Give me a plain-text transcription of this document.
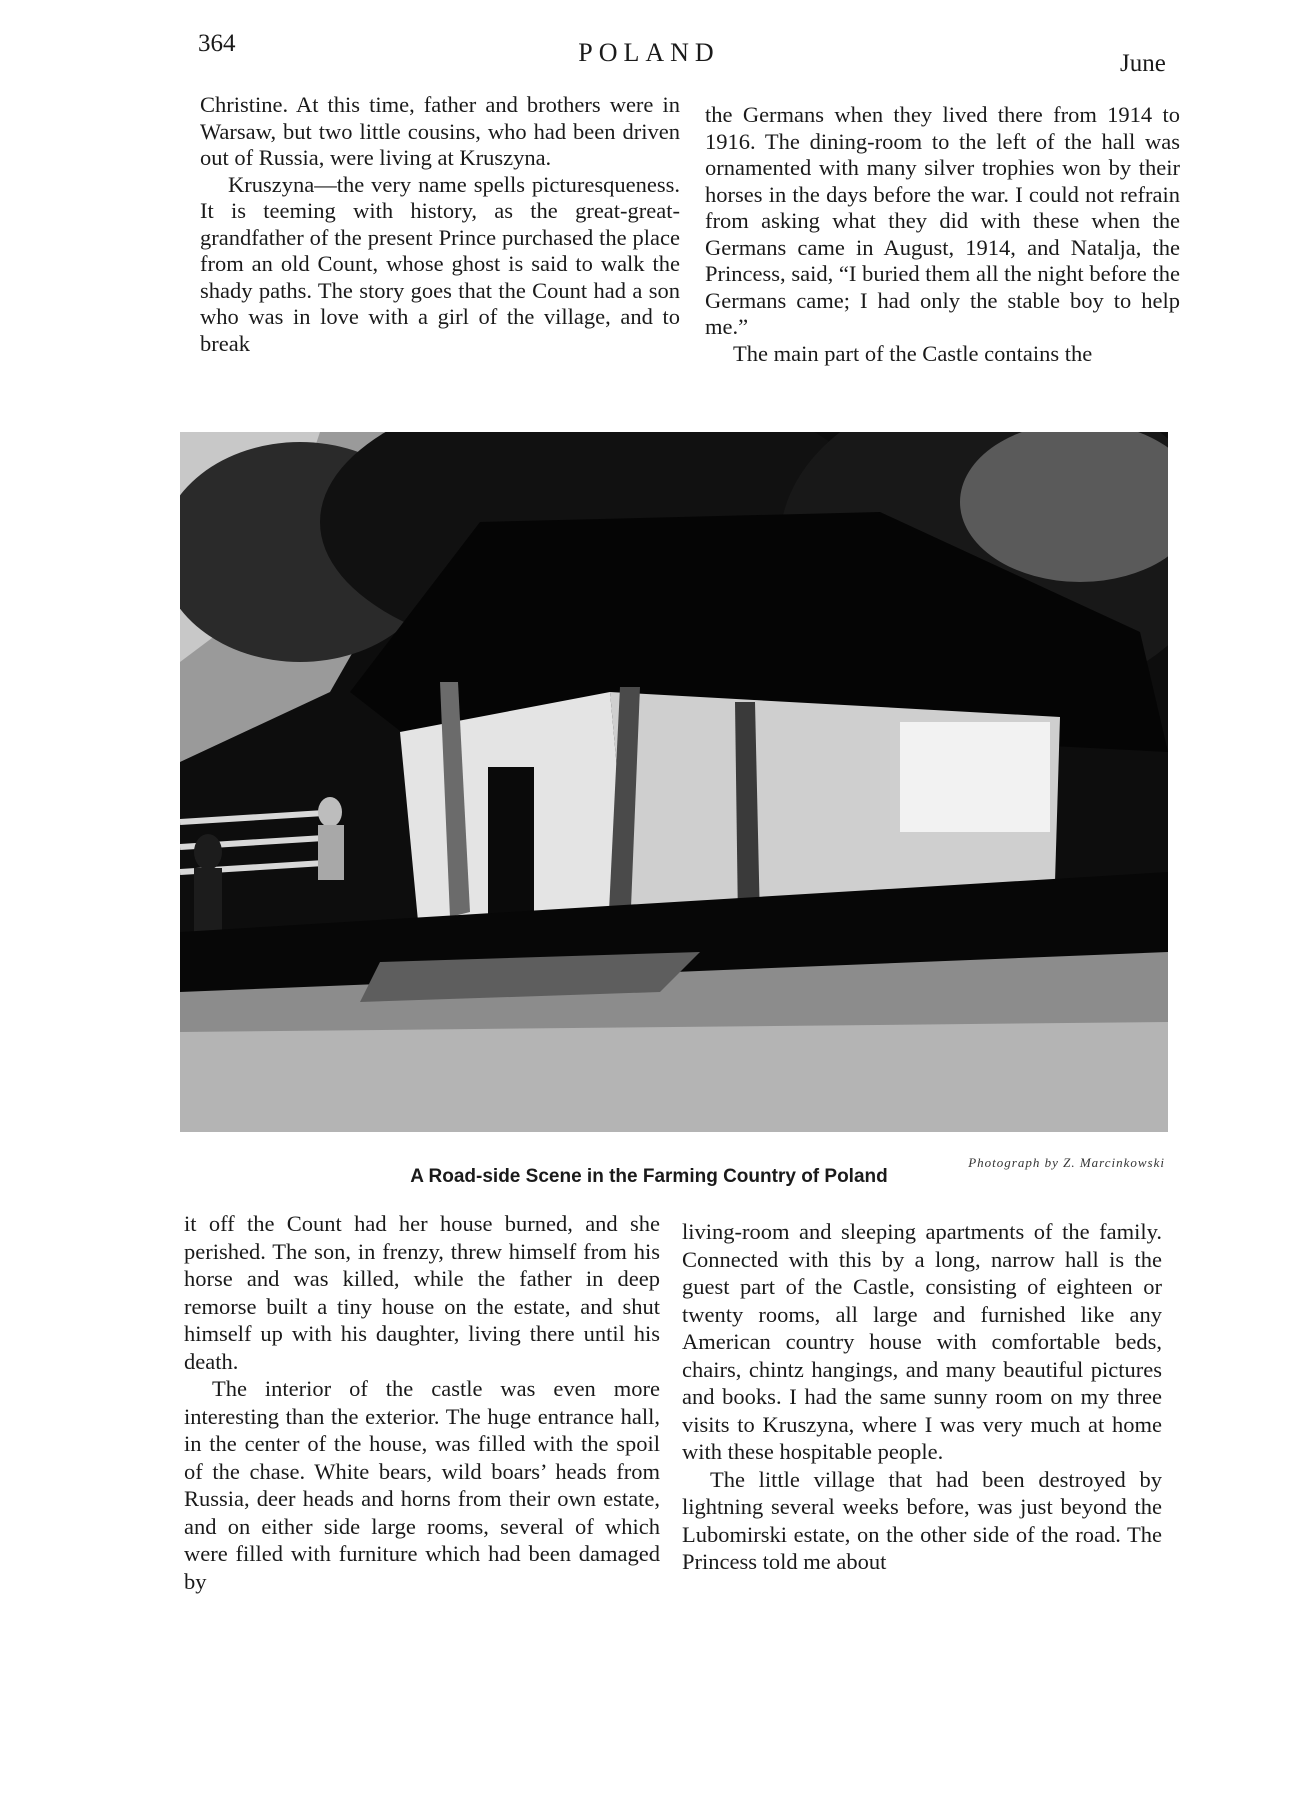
364	POLAND	June

Christine. At this time, father and brothers were in Warsaw, but two little cousins, who had been driven out of Russia, were living at Kruszyna.

Kruszyna—the very name spells picturesqueness. It is teeming with history, as the great-great-grandfather of the present Prince purchased the place from an old Count, whose ghost is said to walk the shady paths. The story goes that the Count had a son who was in love with a girl of the village, and to break

the Germans when they lived there from 1914 to 1916. The dining-room to the left of the hall was ornamented with many silver trophies won by their horses in the days before the war. I could not refrain from asking what they did with these when the Germans came in August, 1914, and Natalja, the Princess, said, “I buried them all the night before the Germans came; I had only the stable boy to help me.”

The main part of the Castle contains the

Photograph by Z. Marcinkowski
A Road-side Scene in the Farming Country of Poland

it off the Count had her house burned, and she perished. The son, in frenzy, threw himself from his horse and was killed, while the father in deep remorse built a tiny house on the estate, and shut himself up with his daughter, living there until his death.

The interior of the castle was even more interesting than the exterior. The huge entrance hall, in the center of the house, was filled with the spoil of the chase. White bears, wild boars’ heads from Russia, deer heads and horns from their own estate, and on either side large rooms, several of which were filled with furniture which had been damaged by

living-room and sleeping apartments of the family. Connected with this by a long, narrow hall is the guest part of the Castle, consisting of eighteen or twenty rooms, all large and furnished like any American country house with comfortable beds, chairs, chintz hangings, and many beautiful pictures and books. I had the same sunny room on my three visits to Kruszyna, where I was very much at home with these hospitable people.

The little village that had been destroyed by lightning several weeks before, was just beyond the Lubomirski estate, on the other side of the road. The Princess told me about
